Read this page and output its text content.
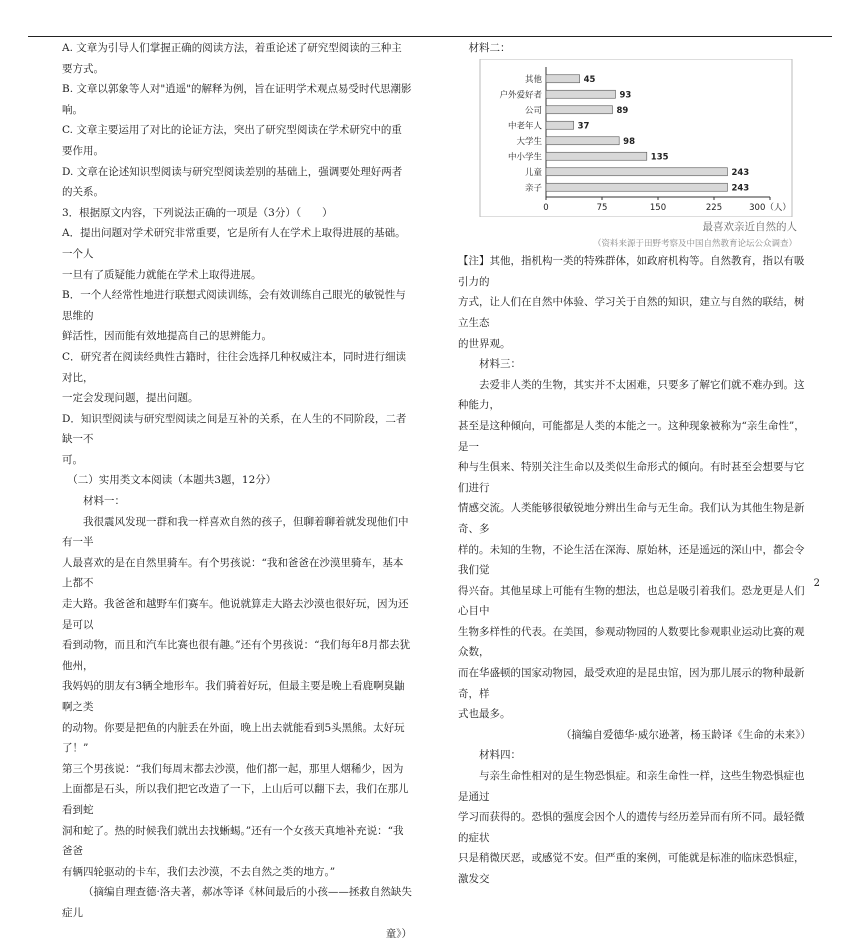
A. 文章为引导人们掌握正确的阅读方法，着重论述了研究型阅读的三种主要方式。

B. 文章以郭象等人对"逍遥"的解释为例，旨在证明学术观点易受时代思潮影响。

C. 文章主要运用了对比的论证方法，突出了研究型阅读在学术研究中的重要作用。

D. 文章在论述知识型阅读与研究型阅读差别的基础上，强调要处理好两者的关系。

3．根据原文内容，下列说法正确的一项是（3分）（　　）

A．提出问题对学术研究非常重要，它是所有人在学术上取得进展的基础。一个人

一旦有了质疑能力就能在学术上取得进展。

B．一个人经常性地进行联想式阅读训练，会有效训练自己眼光的敏锐性与思维的

鲜活性，因而能有效地提高自己的思辨能力。

C．研究者在阅读经典性古籍时，往往会选择几种权威注本，同时进行细读对比，

一定会发现问题，提出问题。

D．知识型阅读与研究型阅读之间是互补的关系，在人生的不同阶段，二者缺一不

可。

（二）实用类文本阅读（本题共3题，12分）

材料一：

我很震风发现一群和我一样喜欢自然的孩子，但聊着聊着就发现他们中有一半

人最喜欢的是在自然里骑车。有个男孩说：“我和爸爸在沙漠里骑车，基本上都不

走大路。我爸爸和越野车们赛车。他说就算走大路去沙漠也很好玩，因为还是可以

看到动物，而且和汽车比赛也很有趣。”还有个男孩说：“我们每年8月都去犹他州，

我妈妈的朋友有3辆全地形车。我们骑着好玩，但最主要是晚上看鹿啊臭鼬啊之类

的动物。你要是把鱼的内脏丢在外面，晚上出去就能看到5头黑熊。太好玩了！”

第三个男孩说：“我们每周末都去沙漠，他们都一起，那里人烟稀少，因为

上面都是石头，所以我们把它改造了一下，上山后可以翻下去，我们在那儿看到蛇

洞和蛇了。热的时候我们就出去找蜥蜴。”还有一个女孩天真地补充说：“我爸爸

有辆四轮驱动的卡车，我们去沙漠，不去自然之类的地方。”

（摘编自理查德·洛夫著，郝冰等译《林间最后的小孩——拯救自然缺失症儿

童》）

材料二：

其他	45
户外爱好者	93
公司	89
中老年人	37
大学生	98
中小学生	135
儿童	243
亲子	243
0	75	150	225	300（人）

最喜欢亲近自然的人

（资料来源于田野考察及中国自然教育论坛公众调查）

【注】其他，指机构一类的特殊群体，如政府机构等。自然教育，指以有吸引力的

方式，让人们在自然中体验、学习关于自然的知识，建立与自然的联结，树立生态

的世界观。

材料三：

去爱非人类的生物，其实并不太困难，只要多了解它们就不难办到。这种能力，

甚至是这种倾向，可能都是人类的本能之一。这种现象被称为“亲生命性”，是一

种与生俱来、特别关注生命以及类似生命形式的倾向。有时甚至会想要与它们进行

情感交流。人类能够很敏锐地分辨出生命与无生命。我们认为其他生物是新奇、多

样的。未知的生物，不论生活在深海、原始林，还是遥远的深山中，都会令我们觉

得兴奋。其他星球上可能有生物的想法，也总是吸引着我们。恐龙更是人们心目中

生物多样性的代表。在美国，参观动物园的人数要比参观职业运动比赛的观众数，

而在华盛顿的国家动物园，最受欢迎的是昆虫馆，因为那儿展示的物种最新奇，样

式也最多。

（摘编自爱德华·威尔逊著，杨玉龄译《生命的未来》）

材料四：

与亲生命性相对的是生物恐惧症。和亲生命性一样，这些生物恐惧症也是通过

学习而获得的。恐惧的强度会因个人的遗传与经历差异而有所不同。最轻微的症状

只是稍微厌恶，或感觉不安。但严重的案例，可能就是标准的临床恐惧症，激发交

2
